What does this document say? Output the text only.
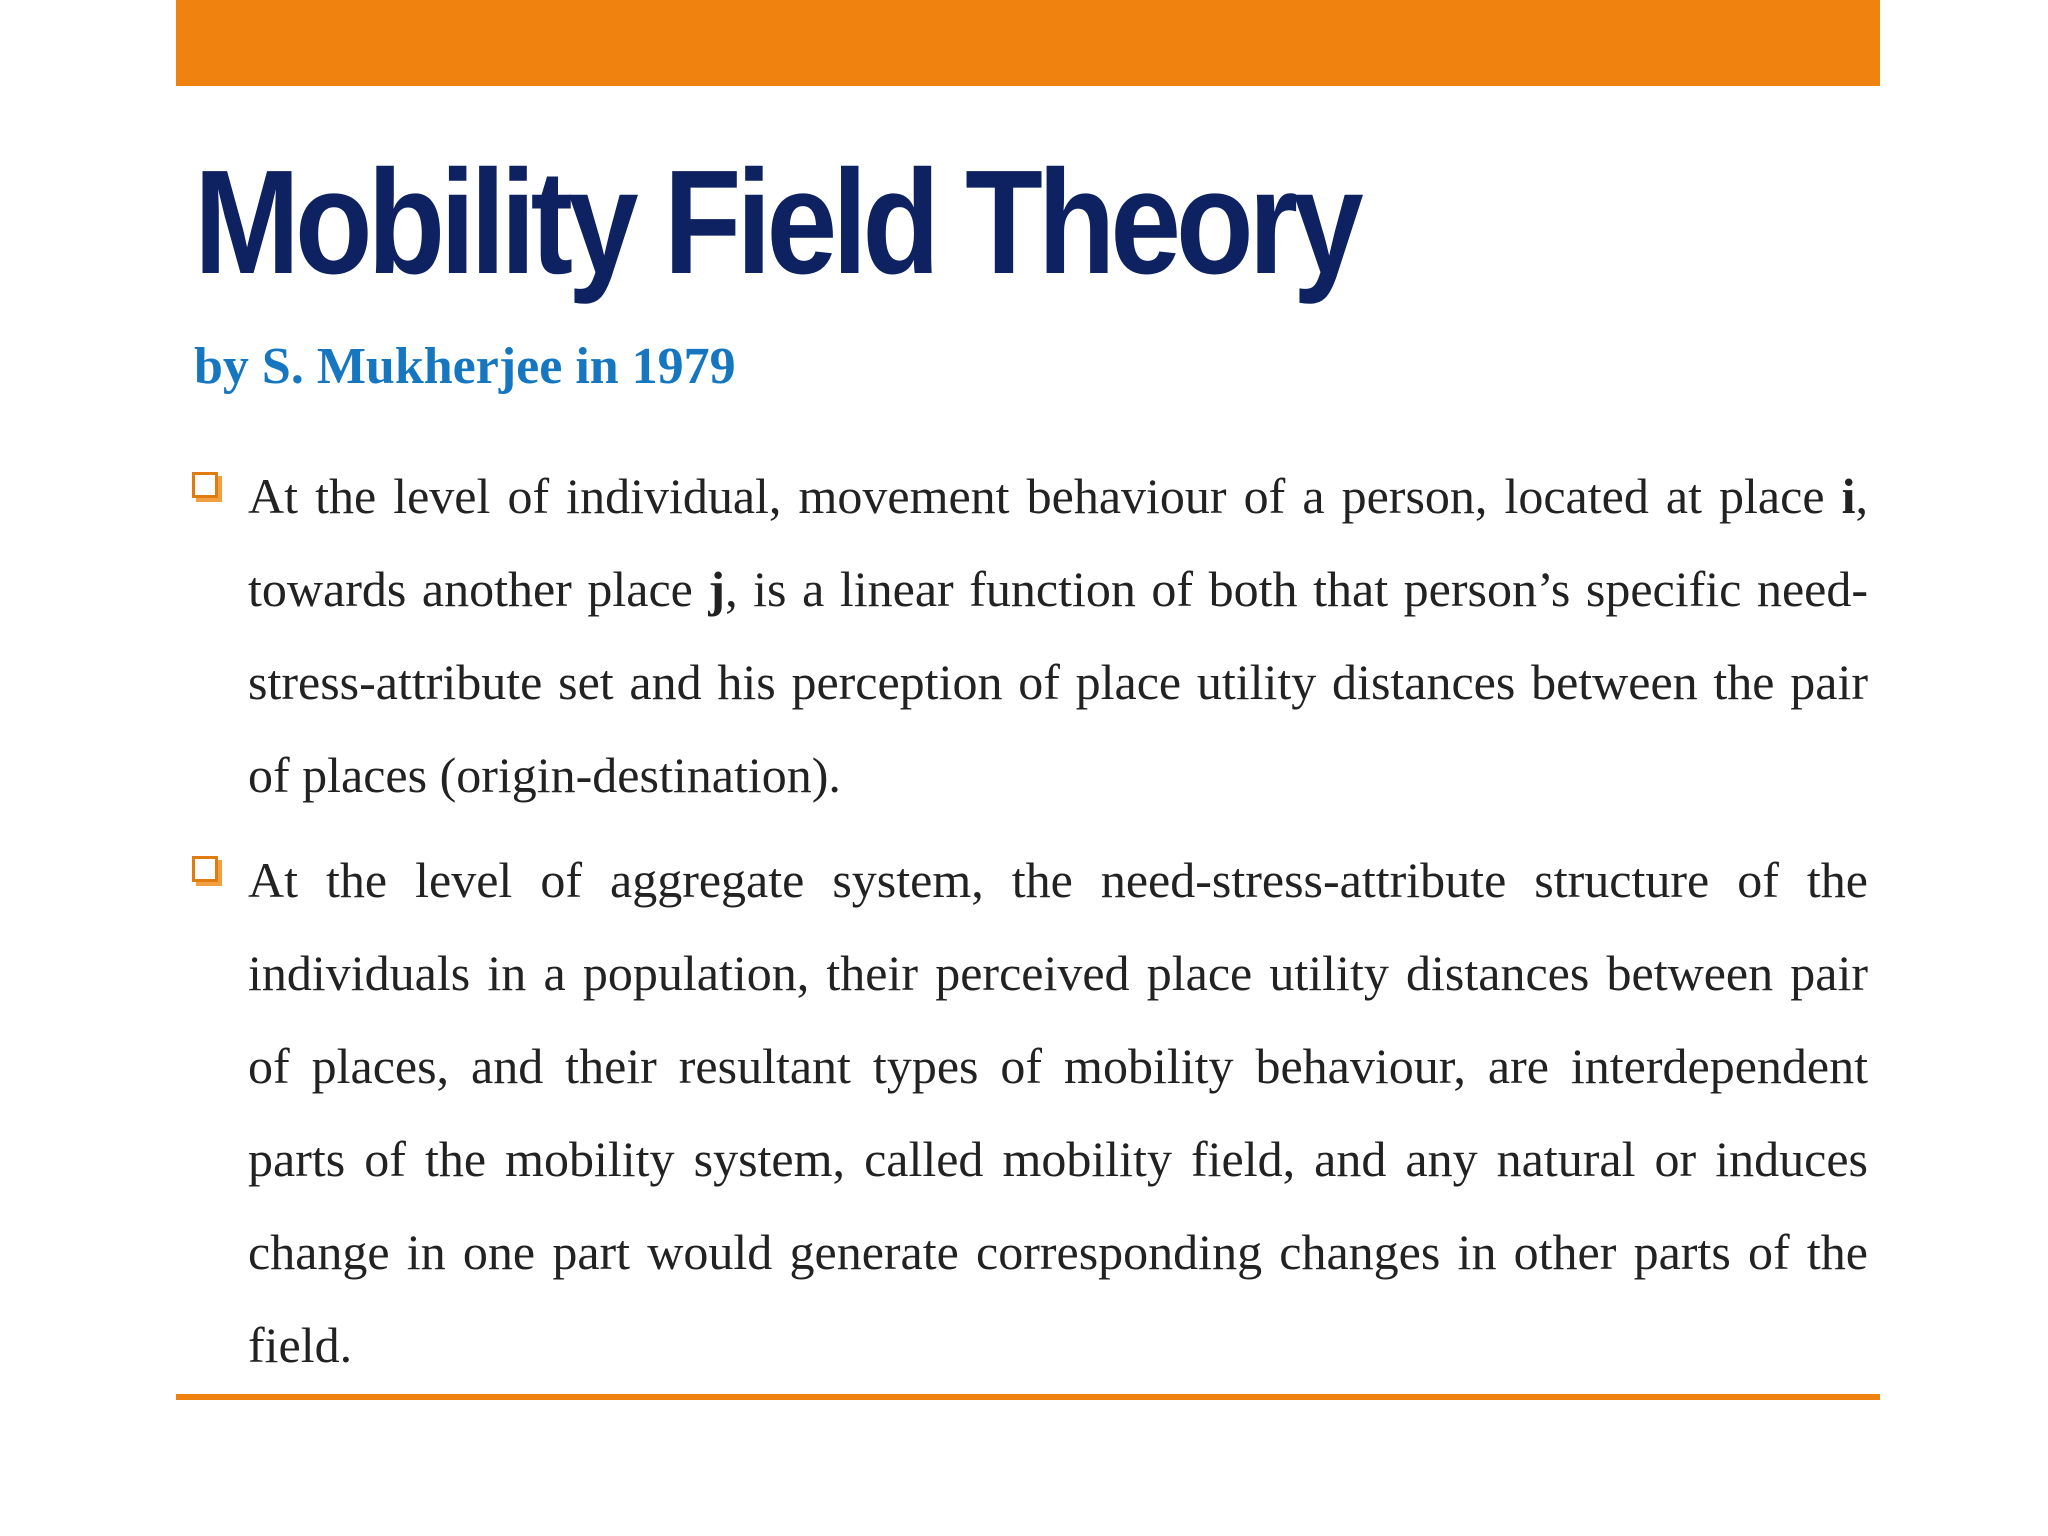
Mobility Field Theory
by S. Mukherjee in 1979
At the level of individual, movement behaviour of a person, located at place i, towards another place j, is a linear function of both that person’s specific need-stress-attribute set and his perception of place utility distances between the pair of places (origin-destination).
At the level of aggregate system, the need-stress-attribute structure of the individuals in a population, their perceived place utility distances between pair of places, and their resultant types of mobility behaviour, are interdependent parts of the mobility system, called mobility field, and any natural or induces change in one part would generate corresponding changes in other parts of the field.
